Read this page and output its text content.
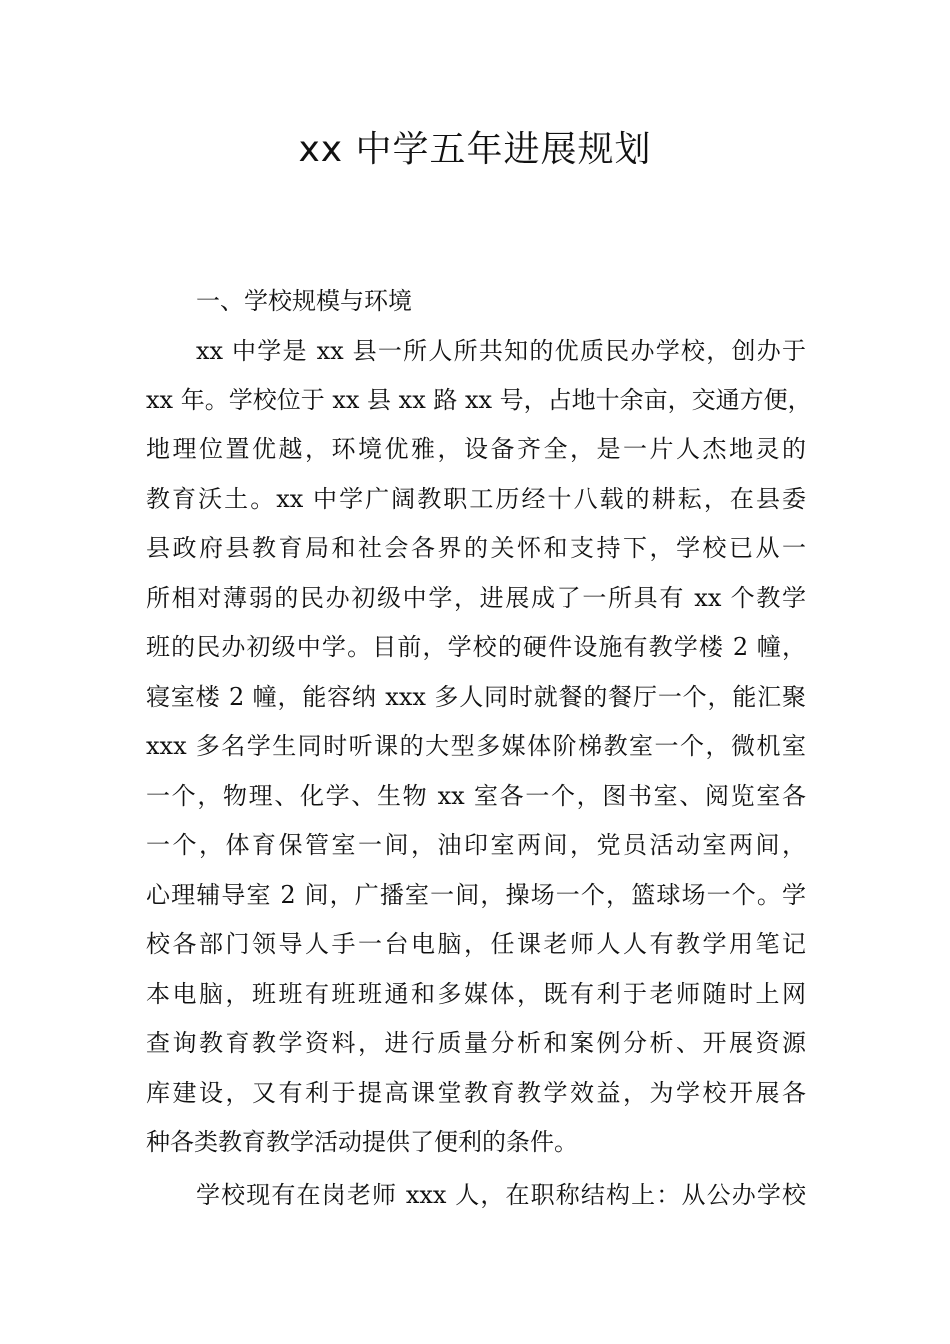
xx 中学五年进展规划
一、学校规模与环境
xx 中学是 xx 县一所人所共知的优质民办学校，创办于
xx 年。学校位于 xx 县 xx 路 xx 号，占地十余亩，交通方便，
地理位置优越，环境优雅，设备齐全，是一片人杰地灵的
教育沃土。xx 中学广阔教职工历经十八载的耕耘，在县委
县政府县教育局和社会各界的关怀和支持下，学校已从一
所相对薄弱的民办初级中学，进展成了一所具有 xx 个教学
班的民办初级中学。目前，学校的硬件设施有教学楼 2 幢，
寝室楼 2 幢，能容纳 xxx 多人同时就餐的餐厅一个，能汇聚
xxx 多名学生同时听课的大型多媒体阶梯教室一个，微机室
一个，物理、化学、生物 xx 室各一个，图书室、阅览室各
一个，体育保管室一间，油印室两间，党员活动室两间，
心理辅导室 2 间，广播室一间，操场一个，篮球场一个。学
校各部门领导人手一台电脑，任课老师人人有教学用笔记
本电脑，班班有班班通和多媒体，既有利于老师随时上网
查询教育教学资料，进行质量分析和案例分析、开展资源
库建设，又有利于提高课堂教育教学效益，为学校开展各
种各类教育教学活动提供了便利的条件。
学校现有在岗老师 xxx 人，在职称结构上：从公办学校
